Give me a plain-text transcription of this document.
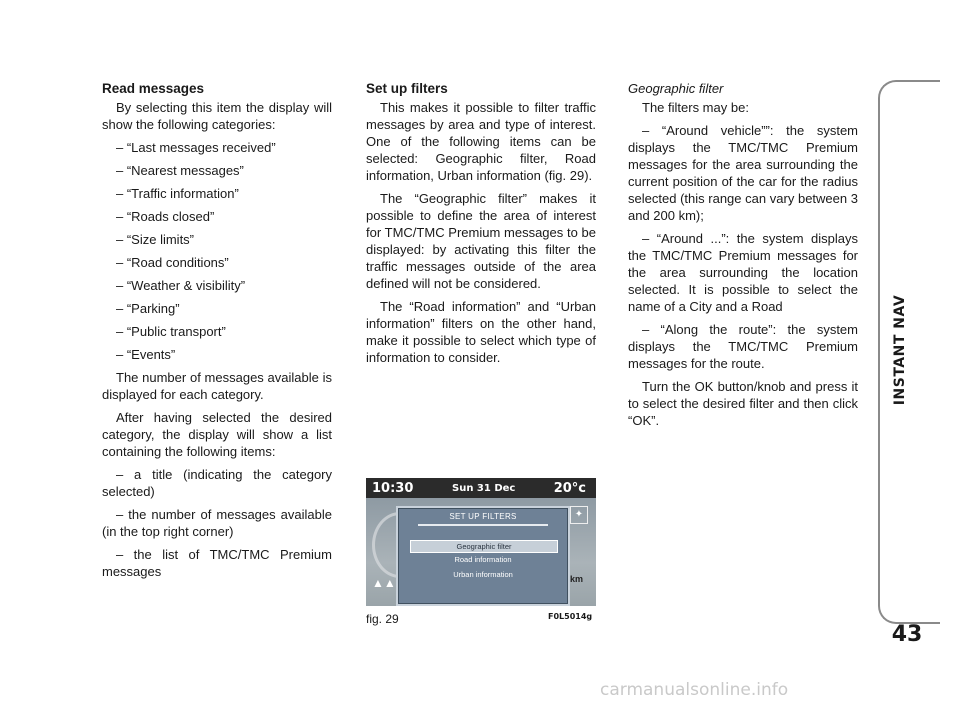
Read messages

By selecting this item the display will show the following categories:

– “Last messages received”

– “Nearest messages”

– “Traffic information”

– “Roads closed”

– “Size limits”

– “Road conditions”

– “Weather & visibility”

– “Parking”

– “Public transport”

– “Events”

The number of messages available is displayed for each category.

After having selected the desired category, the display will show a list containing the following items:

– a title (indicating the category selected)

– the number of messages available (in the top right corner)

– the list of TMC/TMC Premium messages

Set up filters

This makes it possible to filter traffic messages by area and type of interest. One of the following items can be selected: Geographic filter, Road information, Urban information (fig. 29).

The “Geographic filter” makes it possible to define the area of interest for TMC/TMC Premium messages to be displayed: by activating this filter the traffic messages outside of the area defined will not be considered.

The “Road information” and “Urban information” filters on the other hand, make it possible to select which type of information to consider.

Geographic filter

The filters may be:

– “Around vehicle””: the system displays the TMC/TMC Premium messages for the area surrounding the current position of the car for the radius selected (this range can vary between 3 and 200 km);

– “Around ...”: the system displays the TMC/TMC Premium messages for the area surrounding the location selected. It is possible to select the name of a City and a Road

– “Along the route”: the system displays the TMC/TMC Premium messages for the route.

Turn the OK button/knob and press it to select the desired filter and then click “OK”.

10:30	Sun 31 Dec	20°c
▲▲
✦
km
SET UP FILTERS
Geographic filter
Road information
Urban information
fig. 29	F0L5014g
INSTANT NAV
43
carmanualsonline.info
